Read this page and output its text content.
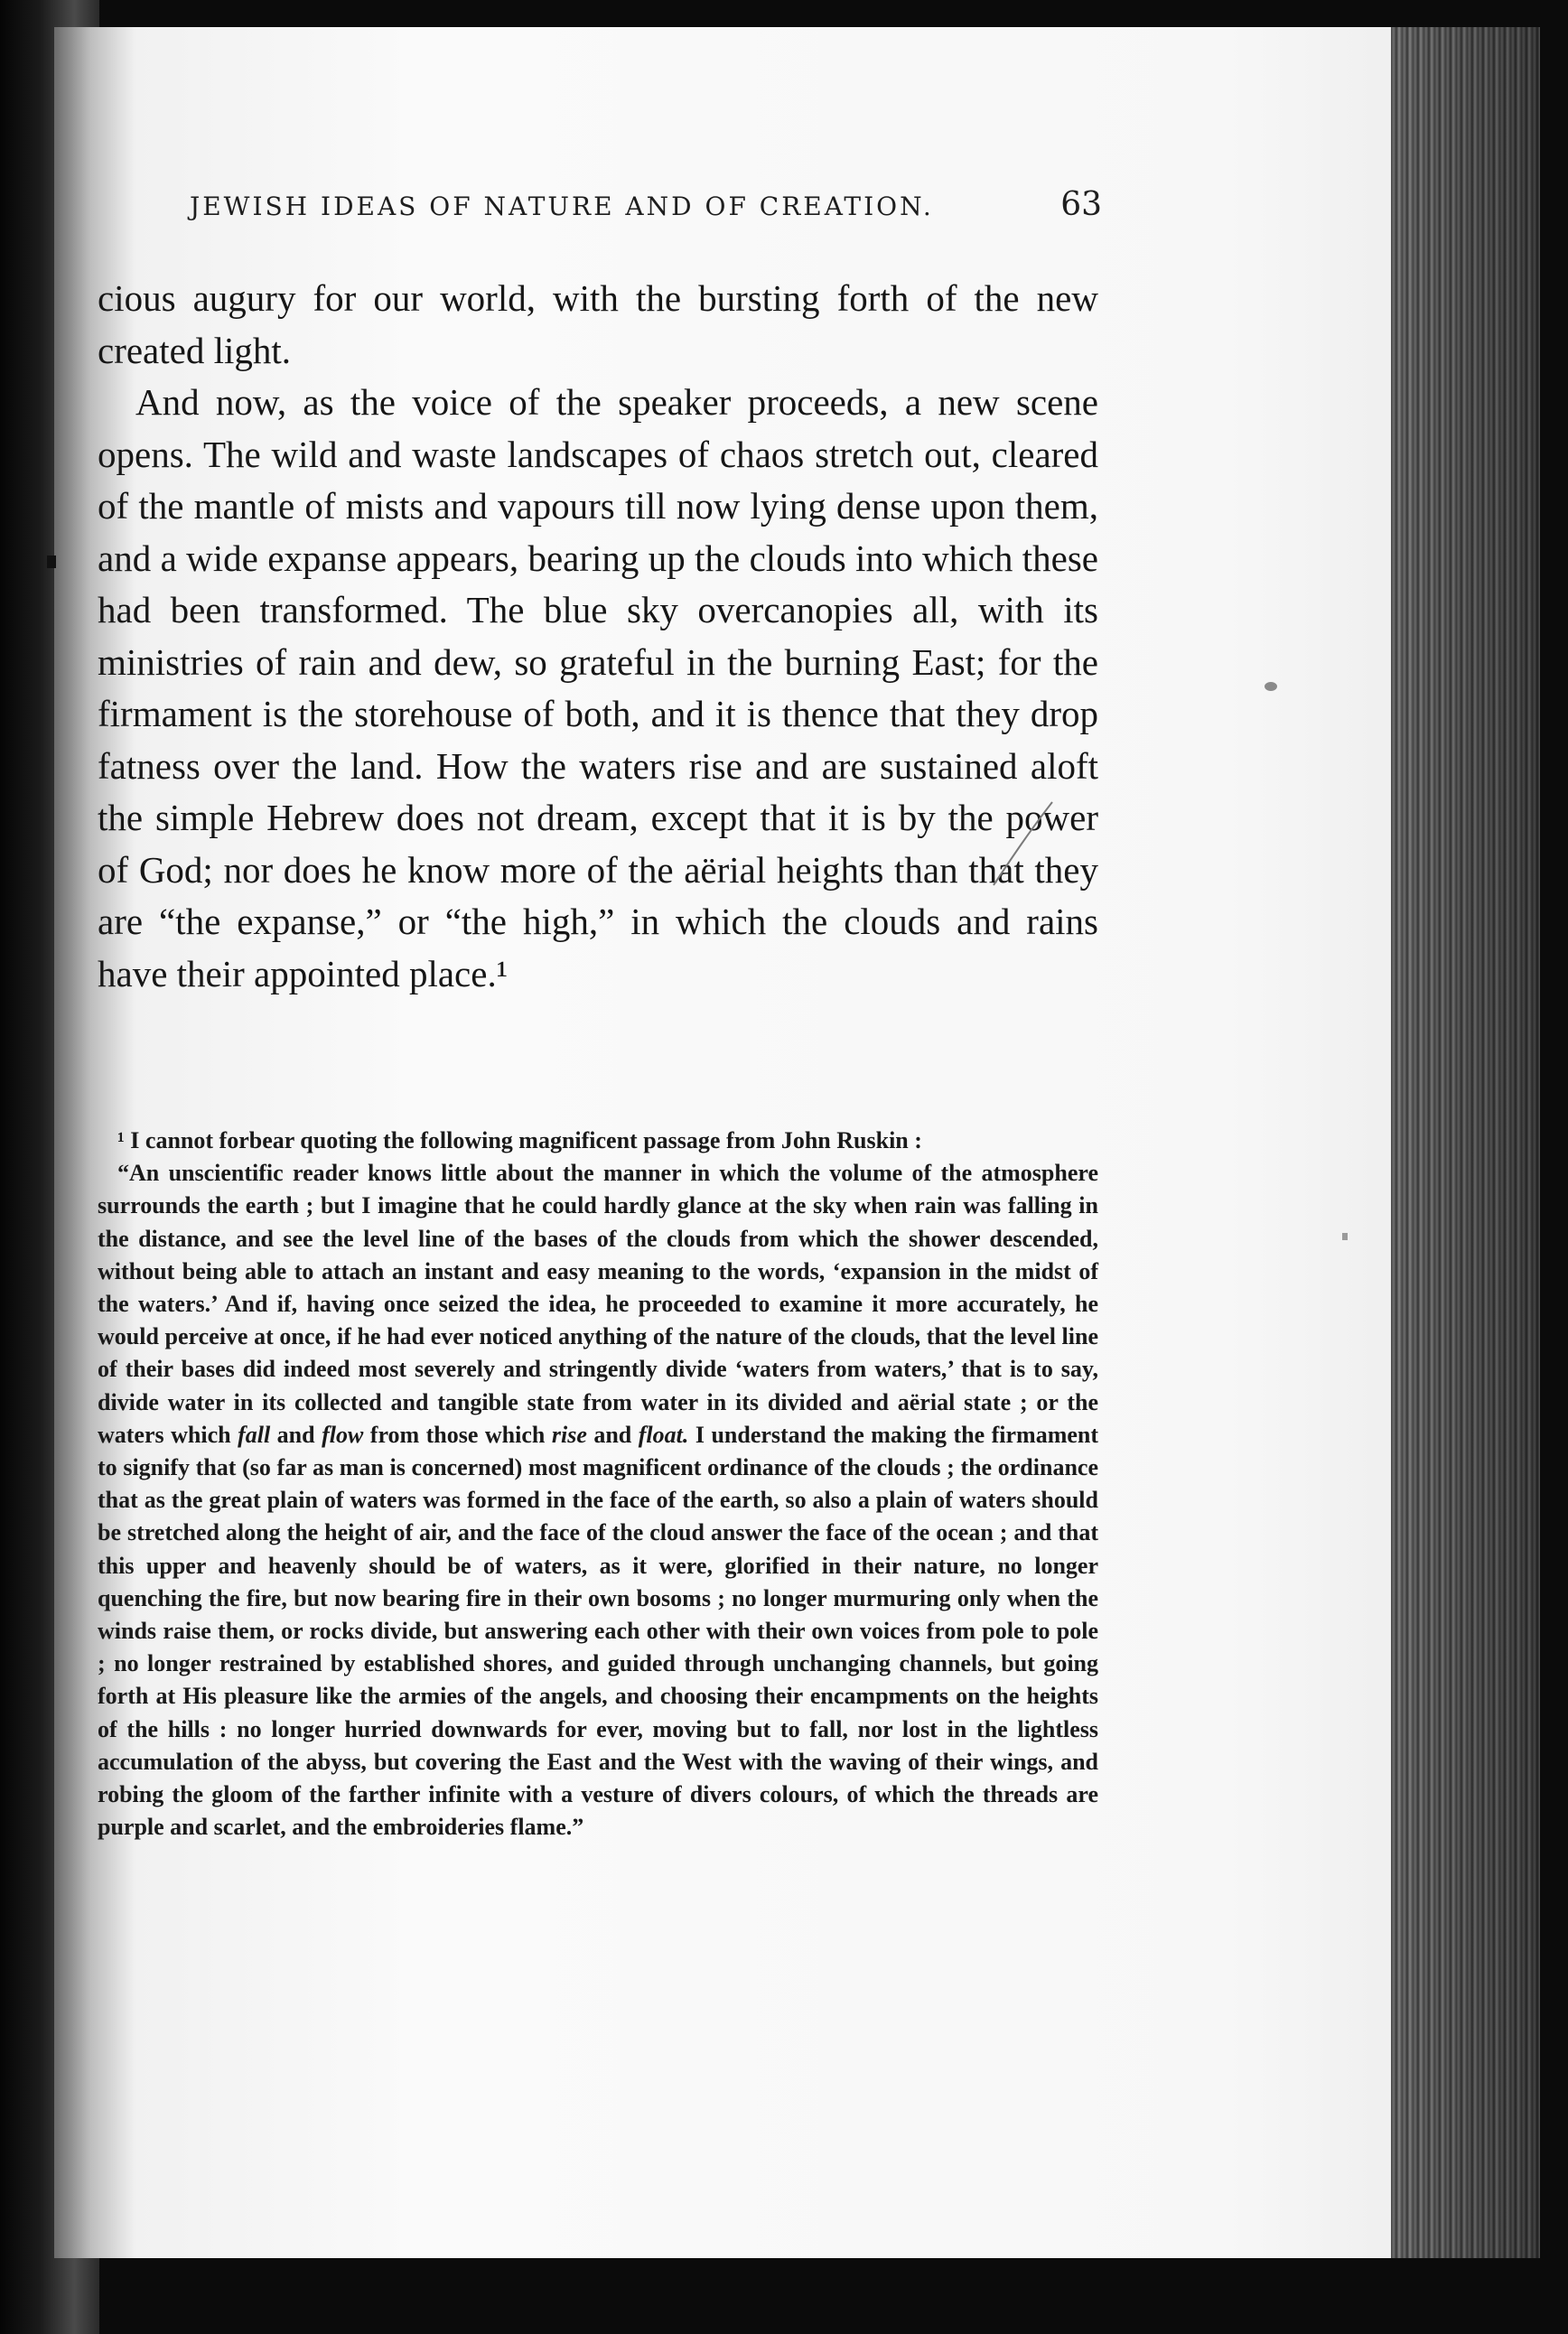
JEWISH IDEAS OF NATURE AND OF CREATION.	63

cious augury for our world, with the bursting forth of the new created light.

And now, as the voice of the speaker proceeds, a new scene opens. The wild and waste landscapes of chaos stretch out, cleared of the mantle of mists and vapours till now lying dense upon them, and a wide expanse appears, bearing up the clouds into which these had been transformed. The blue sky overcanopies all, with its ministries of rain and dew, so grateful in the burning East; for the firmament is the storehouse of both, and it is thence that they drop fatness over the land. How the waters rise and are sustained aloft the simple Hebrew does not dream, except that it is by the power of God; nor does he know more of the aërial heights than that they are “the expanse,” or “the high,” in which the clouds and rains have their appointed place.¹

¹ I cannot forbear quoting the following magnificent passage from John Ruskin :

“An unscientific reader knows little about the manner in which the volume of the atmosphere surrounds the earth ; but I imagine that he could hardly glance at the sky when rain was falling in the distance, and see the level line of the bases of the clouds from which the shower descended, without being able to attach an instant and easy meaning to the words, ‘expansion in the midst of the waters.’ And if, having once seized the idea, he proceeded to examine it more accurately, he would perceive at once, if he had ever noticed anything of the nature of the clouds, that the level line of their bases did indeed most severely and stringently divide ‘waters from waters,’ that is to say, divide water in its collected and tangible state from water in its divided and aërial state ; or the waters which fall and flow from those which rise and float. I understand the making the firmament to signify that (so far as man is concerned) most magnificent ordinance of the clouds ; the ordinance that as the great plain of waters was formed in the face of the earth, so also a plain of waters should be stretched along the height of air, and the face of the cloud answer the face of the ocean ; and that this upper and heavenly should be of waters, as it were, glorified in their nature, no longer quenching the fire, but now bearing fire in their own bosoms ; no longer murmuring only when the winds raise them, or rocks divide, but answering each other with their own voices from pole to pole ; no longer restrained by established shores, and guided through unchanging channels, but going forth at His pleasure like the armies of the angels, and choosing their encampments on the heights of the hills : no longer hurried downwards for ever, moving but to fall, nor lost in the lightless accumulation of the abyss, but covering the East and the West with the waving of their wings, and robing the gloom of the farther infinite with a vesture of divers colours, of which the threads are purple and scarlet, and the embroideries flame.”
